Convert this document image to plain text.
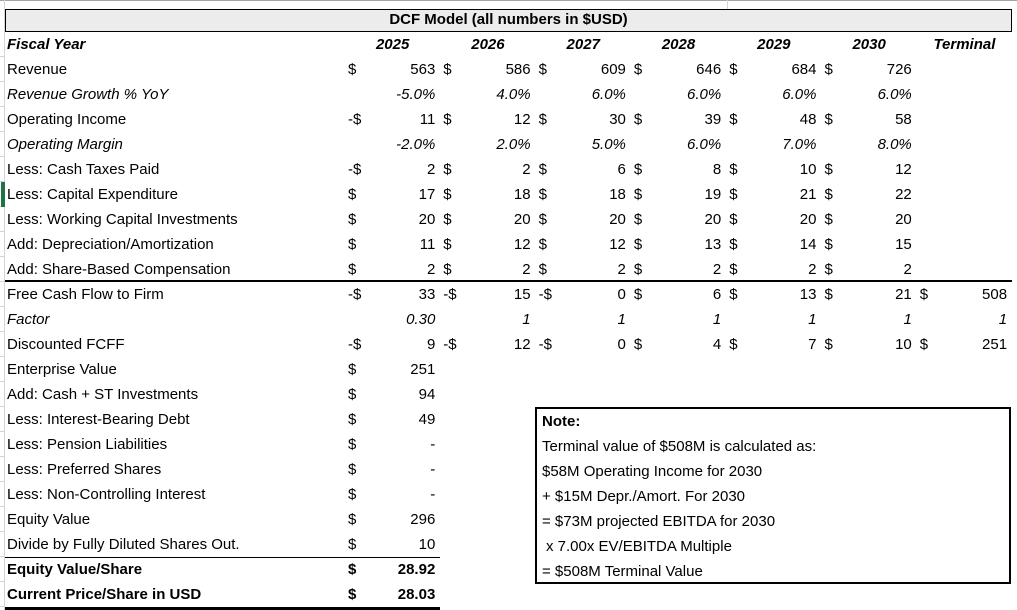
DCF Model (all numbers in $USD)
Fiscal Year	2025	2026	2027	2028	2029	2030	Terminal
Revenue	$	563 $	586 $	609 $	646 $	684 $	726
Revenue Growth % YoY	-5.0%	4.0%	6.0%	6.0%	6.0%	6.0%
Operating Income	-$	11 $	12 $	30 $	39 $	48 $	58
Operating Margin	-2.0%	2.0%	5.0%	6.0%	7.0%	8.0%
Less: Cash Taxes Paid	-$	2 $	2 $	6 $	8 $	10 $	12
Less: Capital Expenditure	$	17 $	18 $	18 $	19 $	21 $	22
Less: Working Capital Investments	$	20 $	20 $	20 $	20 $	20 $	20
Add: Depreciation/Amortization	$	11 $	12 $	12 $	13 $	14 $	15
Add: Share-Based Compensation	$	2 $	2 $	2 $	2 $	2 $	2
Free Cash Flow to Firm	-$	33 -$	15 -$	0 $	6 $	13 $	21 $	508
Factor	0.30	1	1	1	1	1	1
Discounted FCFF	-$	9 -$	12 -$	0 $	4 $	7 $	10 $	251
Enterprise Value	$	251
Add: Cash + ST Investments	$	94
Less: Interest-Bearing Debt	$	49
Less: Pension Liabilities	$	-
Less: Preferred Shares	$	-
Less: Non-Controlling Interest	$	-
Equity Value	$	296
Divide by Fully Diluted Shares Out.	$	10
Equity Value/Share	$	28.92
Current Price/Share in USD	$	28.03
Note:
Terminal value of $508M is calculated as:
$58M Operating Income for 2030
+ $15M Depr./Amort. For 2030
= $73M projected EBITDA for 2030
x 7.00x EV/EBITDA Multiple
= $508M Terminal Value
